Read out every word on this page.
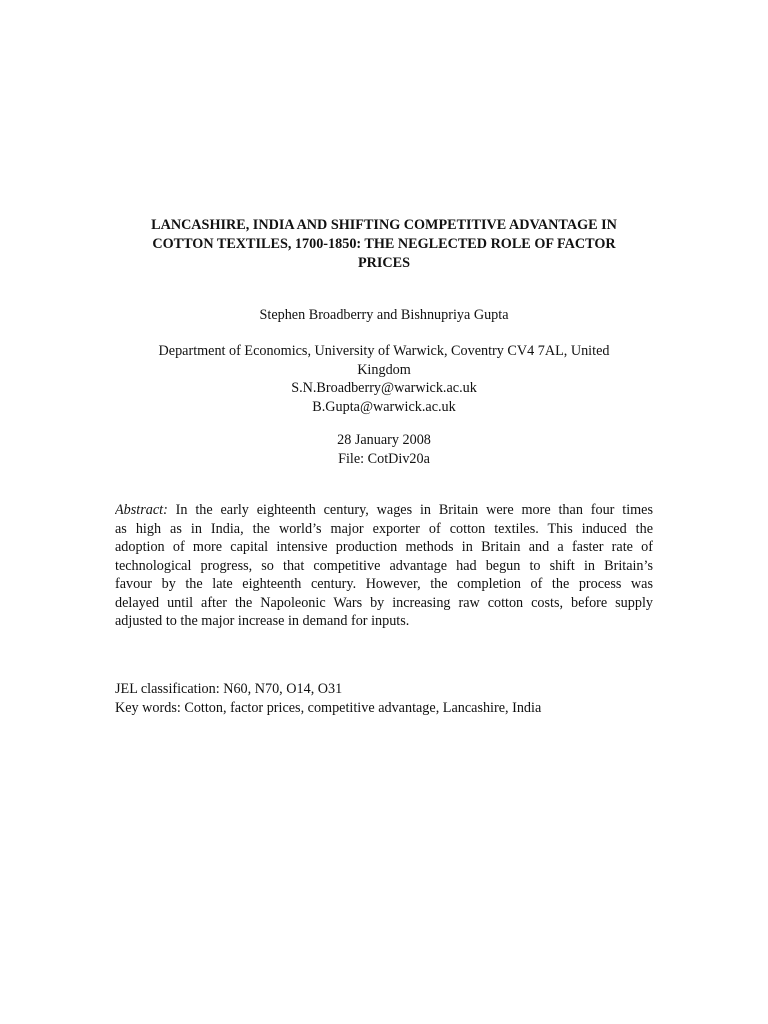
LANCASHIRE, INDIA AND SHIFTING COMPETITIVE ADVANTAGE IN
COTTON TEXTILES, 1700-1850: THE NEGLECTED ROLE OF FACTOR
PRICES

Stephen Broadberry and Bishnupriya Gupta

Department of Economics, University of Warwick, Coventry CV4 7AL, United
Kingdom
S.N.Broadberry@warwick.ac.uk
B.Gupta@warwick.ac.uk

28 January 2008
File: CotDiv20a

Abstract: In the early eighteenth century, wages in Britain were more than four times
as high as in India, the world’s major exporter of cotton textiles. This induced the
adoption of more capital intensive production methods in Britain and a faster rate of
technological progress, so that competitive advantage had begun to shift in Britain’s
favour by the late eighteenth century. However, the completion of the process was
delayed until after the Napoleonic Wars by increasing raw cotton costs, before supply
adjusted to the major increase in demand for inputs.
JEL classification: N60, N70, O14, O31
Key words: Cotton, factor prices, competitive advantage, Lancashire, India
